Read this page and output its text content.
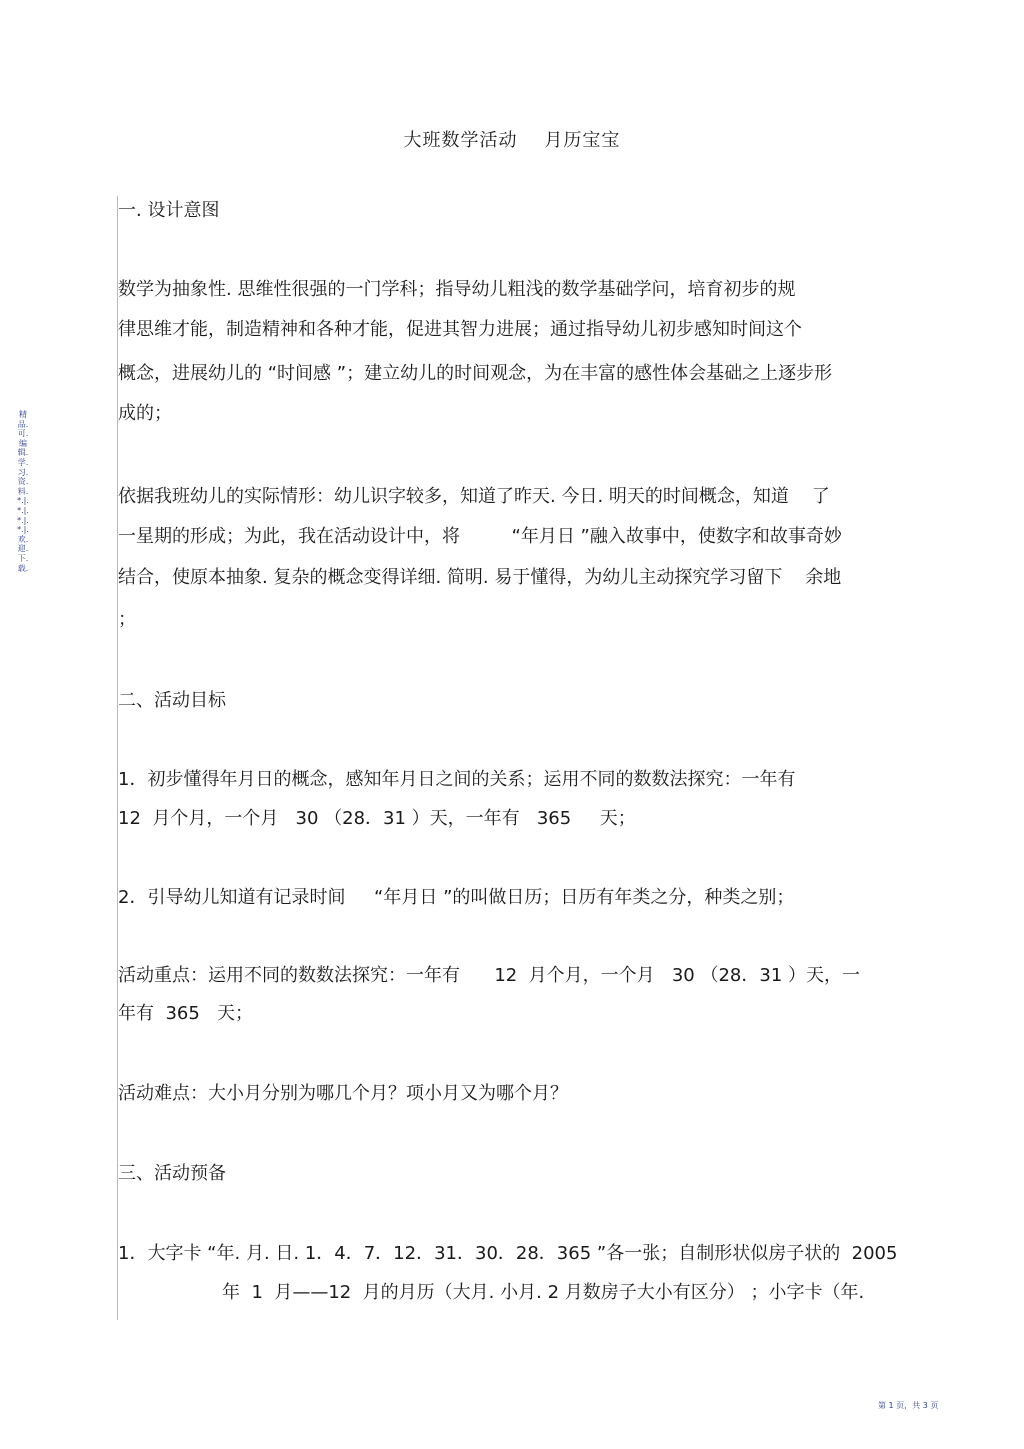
大班数学活动    月历宝宝
精品.可.编辑.学.习.资.料.*.|.*.|.*.|.*.|.欢.迎.下.载.
一. 设计意图
数学为抽象性. 思维性很强的一门学科；指导幼儿粗浅的数学基础学问，培育初步的规
律思维才能，制造精神和各种才能，促进其智力进展；通过指导幼儿初步感知时间这个
概念，进展幼儿的 “时间感 ”；建立幼儿的时间观念，为在丰富的感性体会基础之上逐步形
成的；
依据我班幼儿的实际情形：幼儿识字较多，知道了昨天. 今日. 明天的时间概念，知道    了
一星期的形成；为此，我在活动设计中，将         “年月日 ”融入故事中，使数字和故事奇妙
结合，使原本抽象. 复杂的概念变得详细. 简明. 易于懂得，为幼儿主动探究学习留下    余地
；
二、活动目标
1．初步懂得年月日的概念，感知年月日之间的关系；运用不同的数数法探究：一年有
12  月个月，一个月   30 （28．31 ）天，一年有   365     天；
2．引导幼儿知道有记录时间     “年月日 ”的叫做日历；日历有年类之分，种类之别；
活动重点：运用不同的数数法探究：一年有      12  月个月，一个月   30 （28．31 ）天，一
年有  365   天；
活动难点：大小月分别为哪几个月？项小月又为哪个月？
三、活动预备
1．大字卡 “年. 月. 日. 1．4．7．12．31．30．28．365 ”各一张；自制形状似房子状的  2005
年  1  月——12  月的月历（大月. 小月. 2 月数房子大小有区分） ；小字卡（年.
第 1 页，共 3 页
